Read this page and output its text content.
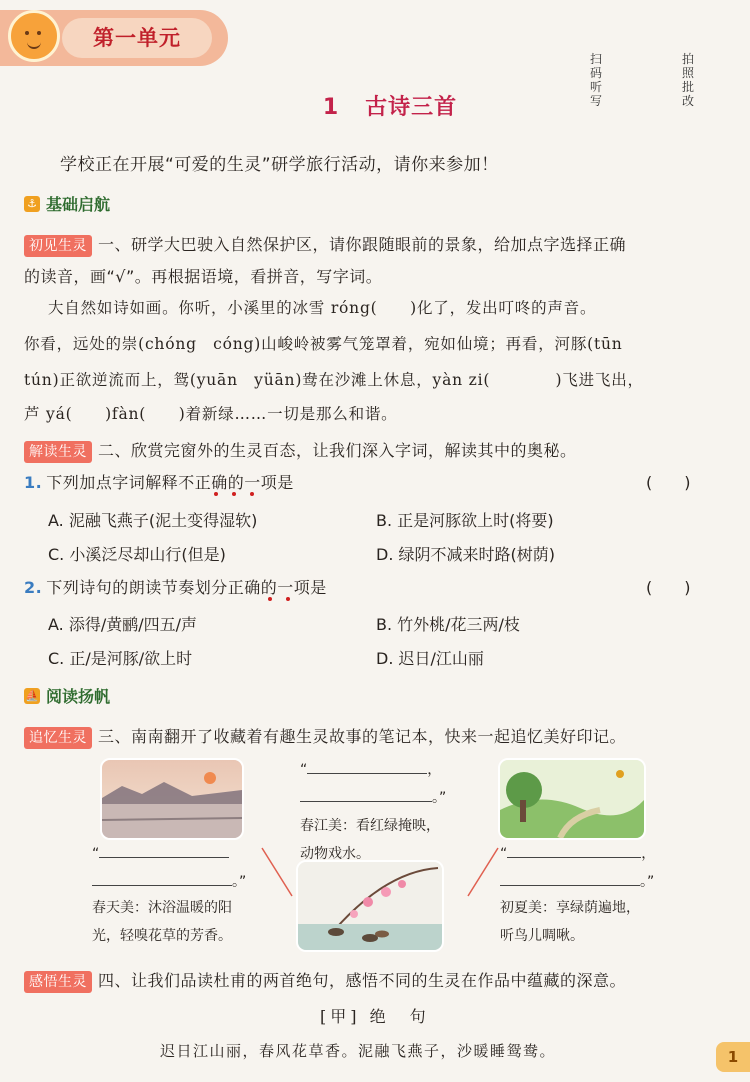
第一单元
扫码听写
拍照批改
1 古诗三首
学校正在开展“可爱的生灵”研学旅行活动，请你来参加！
⚓ 基础启航
初见生灵 一、研学大巴驶入自然保护区，请你跟随眼前的景象，给加点字选择正确
的读音，画“√”。再根据语境，看拼音，写字词。
大自然如诗如画。你听，小溪里的冰雪 róng(　　)化了，发出叮咚的声音。
你看，远处的崇(chóng　cóng)山峻岭被雾气笼罩着，宛如仙境；再看，河豚(tūn
tún)正欲逆流而上，鸳(yuān　yüān)鸯在沙滩上休息，yàn zi(　　　　)飞进飞出，
芦 yá(　　)fàn(　　)着新绿……一切是那么和谐。
解读生灵 二、欣赏完窗外的生灵百态，让我们深入字词，解读其中的奥秘。
1. 下列加点字词解释不正确的一项是	(　　)
A. 泥融飞燕子(泥土变得湿软)	B. 正是河豚欲上时(将要)
C. 小溪泛尽却山行(但是)	D. 绿阴不减来时路(树荫)
2. 下列诗句的朗读节奏划分正确的一项是	(　　)
A. 添得/黄鹂/四五/声	B. 竹外桃/花三两/枝
C. 正/是河豚/欲上时	D. 迟日/江山丽
⛵ 阅读扬帆
追忆生灵 三、南南翻开了收藏着有趣生灵故事的笔记本，快来一起追忆美好印记。
“	，
。”
春江美：看红绿掩映，
动物戏水。
“
。”
春天美：沐浴温暖的阳
光，轻嗅花草的芳香。
“	，
。”
初夏美：享绿荫遍地，
听鸟儿啁啾。
感悟生灵 四、让我们品读杜甫的两首绝句，感悟不同的生灵在作品中蕴藏的深意。
[甲] 绝　句
迟日江山丽，春风花草香。泥融飞燕子，沙暖睡鸳鸯。	1
